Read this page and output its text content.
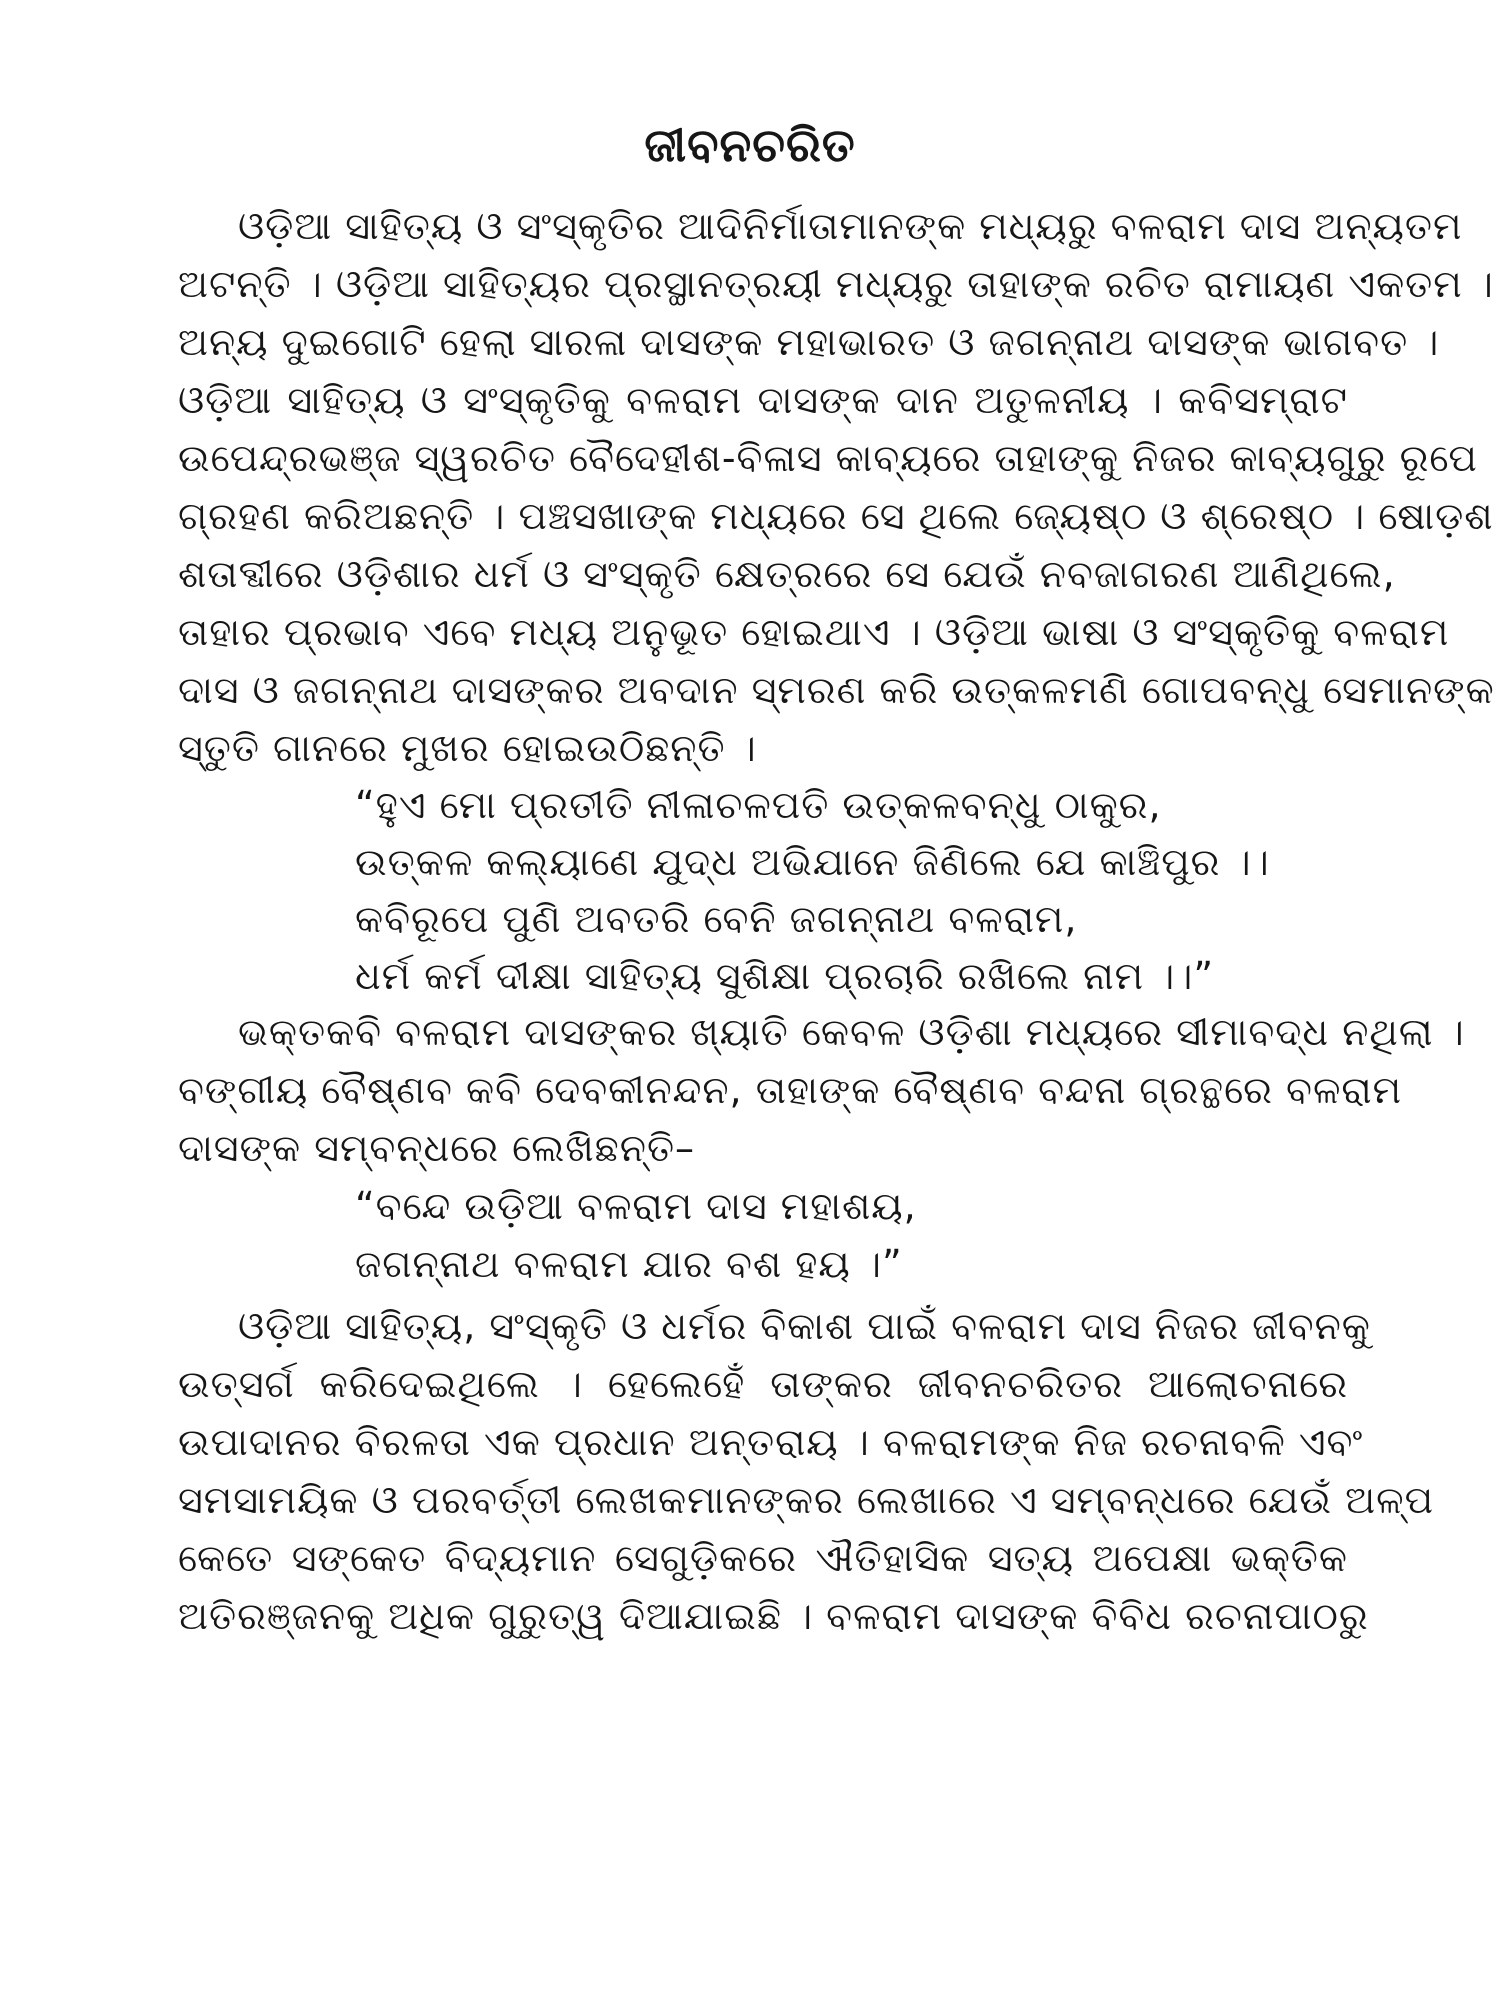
ଜୀବନଚରିତ
ଓଡ଼ିଆ ସାହିତ୍ୟ ଓ ସଂସ୍କୃତିର ଆଦିନିର୍ମାତାମାନଙ୍କ ମଧ୍ୟରୁ ବଳରାମ ଦାସ ଅନ୍ୟତମ
ଅଟନ୍ତି । ଓଡ଼ିଆ ସାହିତ୍ୟର ପ୍ରସ୍ଥାନତ୍ରୟୀ ମଧ୍ୟରୁ ତାହାଙ୍କ ରଚିତ ରାମାୟଣ ଏକତମ ।
ଅନ୍ୟ ଦୁଇଗୋଟି ହେଲା ସାରଳା ଦାସଙ୍କ ମହାଭାରତ ଓ ଜଗନ୍ନାଥ ଦାସଙ୍କ ଭାଗବତ ।
ଓଡ଼ିଆ ସାହିତ୍ୟ ଓ ସଂସ୍କୃତିକୁ ବଳରାମ ଦାସଙ୍କ ଦାନ ଅତୁଳନୀୟ । କବିସମ୍ରାଟ
ଉପେନ୍ଦ୍ରଭଞ୍ଜ ସ୍ୱରଚିତ ବୈଦେହୀଶ-ବିଳାସ କାବ୍ୟରେ ତାହାଙ୍କୁ ନିଜର କାବ୍ୟଗୁରୁ ରୂପେ
ଗ୍ରହଣ କରିଅଛନ୍ତି । ପଞ୍ଚସଖାଙ୍କ ମଧ୍ୟରେ ସେ ଥିଲେ ଜ୍ୟେଷ୍ଠ ଓ ଶ୍ରେଷ୍ଠ । ଷୋଡ଼ଶ
ଶତାବ୍ଦୀରେ ଓଡ଼ିଶାର ଧର୍ମ ଓ ସଂସ୍କୃତି କ୍ଷେତ୍ରରେ ସେ ଯେଉଁ ନବଜାଗରଣ ଆଣିଥିଲେ,
ତାହାର ପ୍ରଭାବ ଏବେ ମଧ୍ୟ ଅନୁଭୂତ ହୋଇଥାଏ । ଓଡ଼ିଆ ଭାଷା ଓ ସଂସ୍କୃତିକୁ ବଳରାମ
ଦାସ ଓ ଜଗନ୍ନାଥ ଦାସଙ୍କର ଅବଦାନ ସ୍ମରଣ କରି ଉତ୍କଳମଣି ଗୋପବନ୍ଧୁ ସେମାନଙ୍କ
ସ୍ତୁତି ଗାନରେ ମୁଖର ହୋଇଉଠିଛନ୍ତି ।
“ହୁଏ ମୋ ପ୍ରତୀତି ନୀଳାଚଳପତି ଉତ୍କଳବନ୍ଧୁ ଠାକୁର,
ଉତ୍କଳ କଲ୍ୟାଣେ ଯୁଦ୍ଧ ଅଭିଯାନେ ଜିଣିଲେ ଯେ କାଞ୍ଚିପୁର ।।
କବିରୂପେ ପୁଣି ଅବତରି ବେନି ଜଗନ୍ନାଥ ବଳରାମ,
ଧର୍ମ କର୍ମ ଦୀକ୍ଷା ସାହିତ୍ୟ ସୁଶିକ୍ଷା ପ୍ରଚାରି ରଖିଲେ ନାମ ।।”
ଭକ୍ତକବି ବଳରାମ ଦାସଙ୍କର ଖ୍ୟାତି କେବଳ ଓଡ଼ିଶା ମଧ୍ୟରେ ସୀମାବଦ୍ଧ ନଥିଲା ।
ବଙ୍ଗୀୟ ବୈଷ୍ଣବ କବି ଦେବକୀନନ୍ଦନ, ତାହାଙ୍କ ବୈଷ୍ଣବ ବନ୍ଦନା ଗ୍ରନ୍ଥରେ ବଳରାମ
ଦାସଙ୍କ ସମ୍ବନ୍ଧରେ ଲେଖିଛନ୍ତି–
“ବନ୍ଦେ ଉଡ଼ିଆ ବଳରାମ ଦାସ ମହାଶୟ,
ଜଗନ୍ନାଥ ବଳରାମ ଯାର ବଶ ହୟ ।”
ଓଡ଼ିଆ ସାହିତ୍ୟ, ସଂସ୍କୃତି ଓ ଧର୍ମର ବିକାଶ ପାଇଁ ବଳରାମ ଦାସ ନିଜର ଜୀବନକୁ
ଉତ୍ସର୍ଗ କରିଦେଇଥିଲେ । ହେଲେହେଁ ତାଙ୍କର ଜୀବନଚରିତର ଆଲୋଚନାରେ
ଉପାଦାନର ବିରଳତା ଏକ ପ୍ରଧାନ ଅନ୍ତରାୟ । ବଳରାମଙ୍କ ନିଜ ରଚନାବଳି ଏବଂ
ସମସାମୟିକ ଓ ପରବର୍ତ୍ତୀ ଲେଖକମାନଙ୍କର ଲେଖାରେ ଏ ସମ୍ବନ୍ଧରେ ଯେଉଁ ଅଳ୍ପ
କେତେ ସଙ୍କେତ ବିଦ୍ୟମାନ ସେଗୁଡ଼ିକରେ ଐତିହାସିକ ସତ୍ୟ ଅପେକ୍ଷା ଭକ୍ତିକ
ଅତିରଞ୍ଜନକୁ ଅଧିକ ଗୁରୁତ୍ୱ ଦିଆଯାଇଛି । ବଳରାମ ଦାସଙ୍କ ବିବିଧ ରଚନାପାଠରୁ
